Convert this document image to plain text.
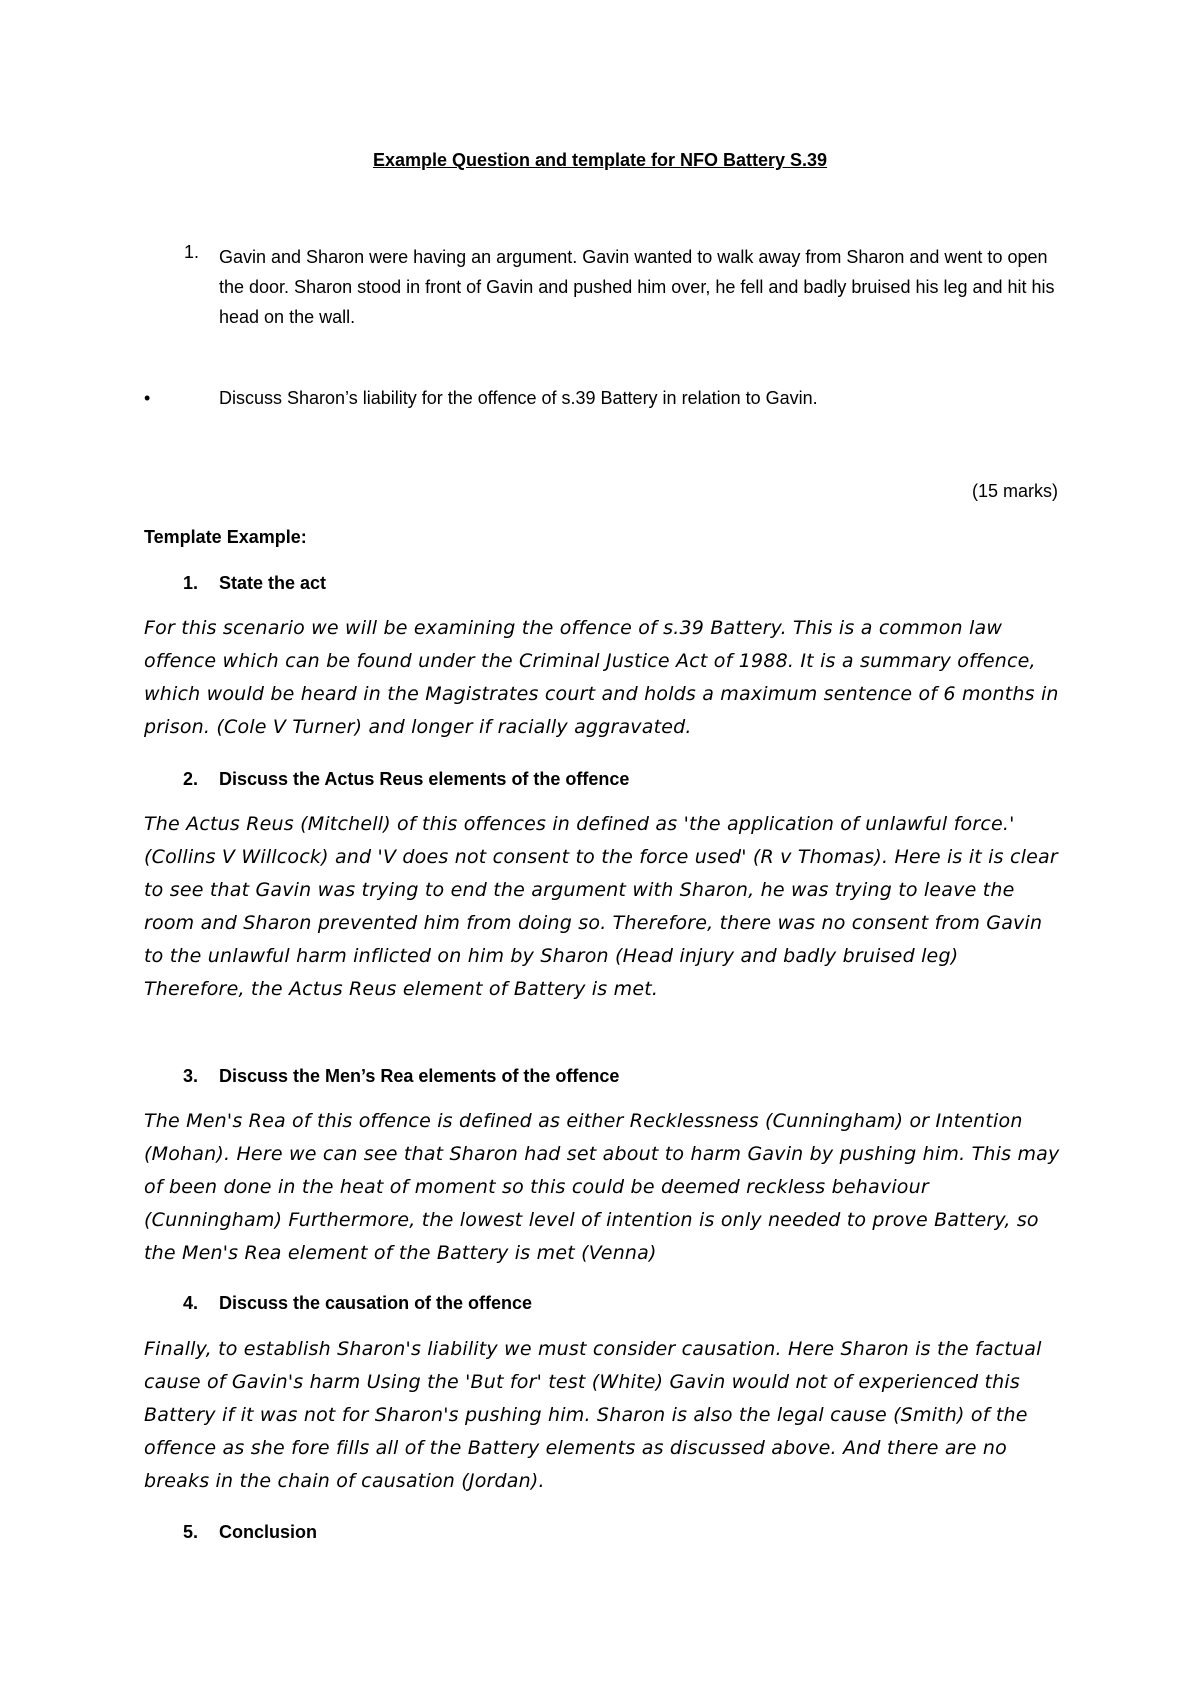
Example Question and template for NFO Battery S.39
1. Gavin and Sharon were having an argument. Gavin wanted to walk away from Sharon and went to open the door. Sharon stood in front of Gavin and pushed him over, he fell and badly bruised his leg and hit his head on the wall.
•	Discuss Sharon’s liability for the offence of s.39 Battery in relation to Gavin.
(15 marks)
Template Example:
1. State the act
For this scenario we will be examining the offence of s.39 Battery. This is a common law offence which can be found under the Criminal Justice Act of 1988. It is a summary offence, which would be heard in the Magistrates court and holds a maximum sentence of 6 months in prison. (Cole V Turner) and longer if racially aggravated.
2. Discuss the Actus Reus elements of the offence
The Actus Reus (Mitchell) of this offences in defined as 'the application of unlawful force.' (Collins V Willcock) and 'V does not consent to the force used' (R v Thomas). Here is it is clear to see that Gavin was trying to end the argument with Sharon, he was trying to leave the room and Sharon prevented him from doing so. Therefore, there was no consent from Gavin to the unlawful harm inflicted on him by Sharon (Head injury and badly bruised leg) Therefore, the Actus Reus element of Battery is met.
3. Discuss the Men’s Rea elements of the offence
The Men's Rea of this offence is defined as either Recklessness (Cunningham) or Intention (Mohan). Here we can see that Sharon had set about to harm Gavin by pushing him. This may of been done in the heat of moment so this could be deemed reckless behaviour (Cunningham) Furthermore, the lowest level of intention is only needed to prove Battery, so the Men's Rea element of the Battery is met (Venna)
4. Discuss the causation of the offence
Finally, to establish Sharon's liability we must consider causation. Here Sharon is the factual cause of Gavin's harm Using the 'But for' test (White) Gavin would not of experienced this Battery if it was not for Sharon's pushing him. Sharon is also the legal cause (Smith) of the offence as she fore fills all of the Battery elements as discussed above. And there are no breaks in the chain of causation (Jordan).
5. Conclusion
